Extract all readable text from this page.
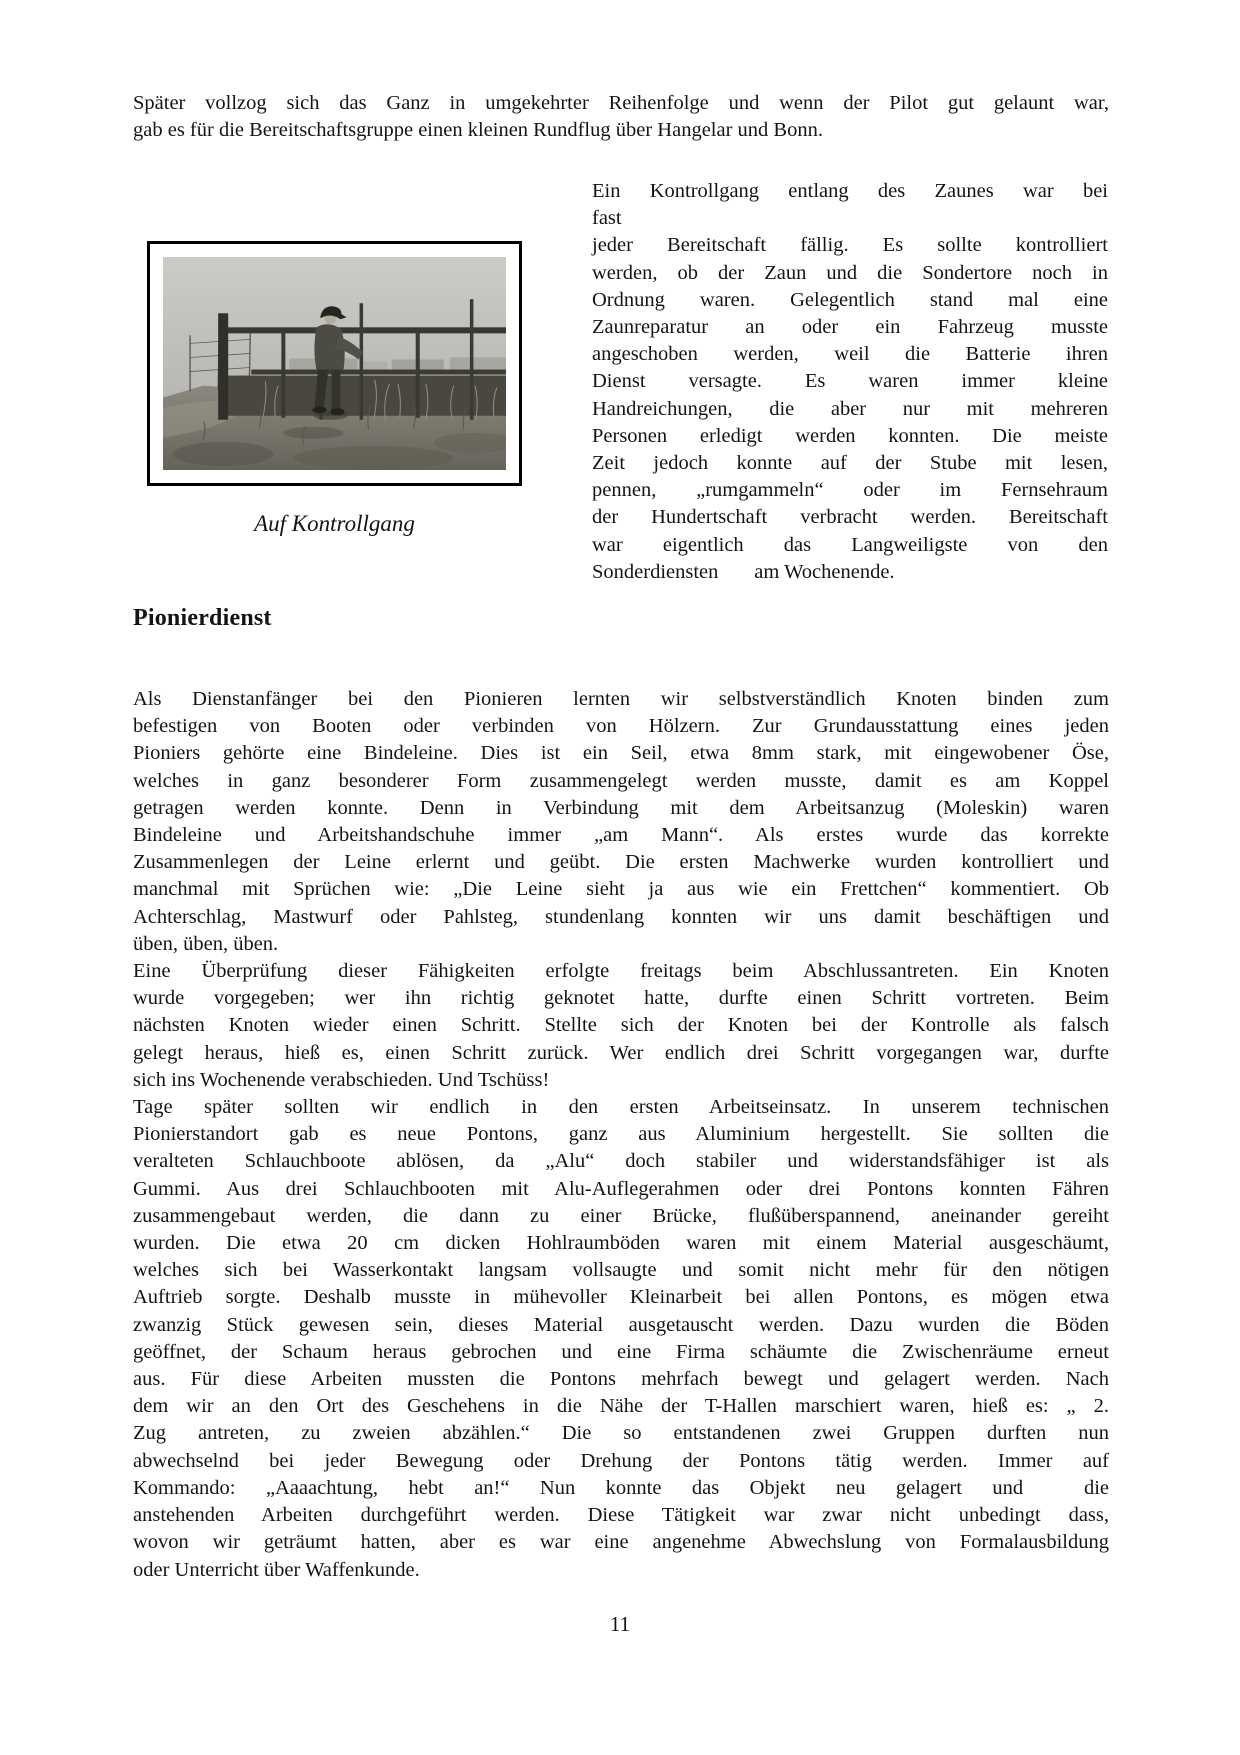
Später vollzog sich das Ganz in umgekehrter Reihenfolge und wenn der Pilot gut gelaunt war,
gab es für die Bereitschaftsgruppe einen kleinen Rundflug über Hangelar und Bonn.
Auf Kontrollgang
Ein Kontrollgang entlang des Zaunes war bei
fast
jeder Bereitschaft fällig. Es sollte kontrolliert
werden, ob der Zaun und die Sondertore noch in
Ordnung waren. Gelegentlich stand mal eine
Zaunreparatur an oder ein Fahrzeug musste
angeschoben werden, weil die Batterie ihren
Dienst versagte. Es waren immer kleine
Handreichungen, die aber nur mit mehreren
Personen erledigt werden konnten. Die meiste
Zeit jedoch konnte auf der Stube mit lesen,
pennen, „rumgammeln“ oder im Fernsehraum
der Hundertschaft verbracht werden. Bereitschaft
war eigentlich das Langweiligste von den
Sonderdiensten       am Wochenende.
Pionierdienst
Als Dienstanfänger bei den Pionieren lernten wir selbstverständlich Knoten binden zum
befestigen von Booten oder verbinden von Hölzern. Zur Grundausstattung eines jeden
Pioniers gehörte eine Bindeleine. Dies ist ein Seil, etwa 8mm stark, mit eingewobener Öse,
welches in ganz besonderer Form zusammengelegt werden musste, damit es am Koppel
getragen werden konnte. Denn in Verbindung mit dem Arbeitsanzug (Moleskin) waren
Bindeleine und Arbeitshandschuhe immer „am Mann“. Als erstes wurde das korrekte
Zusammenlegen der Leine erlernt und geübt. Die ersten Machwerke wurden kontrolliert und
manchmal mit Sprüchen wie: „Die Leine sieht ja aus wie ein Frettchen“ kommentiert. Ob
Achterschlag, Mastwurf oder Pahlsteg, stundenlang konnten wir uns damit beschäftigen und
üben, üben, üben.
Eine Überprüfung dieser Fähigkeiten erfolgte freitags beim Abschlussantreten. Ein Knoten
wurde vorgegeben; wer ihn richtig geknotet hatte, durfte einen Schritt vortreten. Beim
nächsten Knoten wieder einen Schritt. Stellte sich der Knoten bei der Kontrolle als falsch
gelegt heraus, hieß es, einen Schritt zurück. Wer endlich drei Schritt vorgegangen war, durfte
sich ins Wochenende verabschieden. Und Tschüss!
Tage später sollten wir endlich in den ersten Arbeitseinsatz. In unserem technischen
Pionierstandort gab es neue Pontons, ganz aus Aluminium hergestellt. Sie sollten die
veralteten Schlauchboote ablösen, da „Alu“ doch stabiler und widerstandsfähiger ist als
Gummi. Aus drei Schlauchbooten mit Alu-Auflegerahmen oder drei Pontons konnten Fähren
zusammengebaut werden, die dann zu einer Brücke, flußüberspannend, aneinander gereiht
wurden. Die etwa 20 cm dicken Hohlraumböden waren mit einem Material ausgeschäumt,
welches sich bei Wasserkontakt langsam vollsaugte und somit nicht mehr für den nötigen
Auftrieb sorgte. Deshalb musste in mühevoller Kleinarbeit bei allen Pontons, es mögen etwa
zwanzig Stück gewesen sein, dieses Material ausgetauscht werden. Dazu wurden die Böden
geöffnet, der Schaum heraus gebrochen und eine Firma schäumte die Zwischenräume erneut
aus. Für diese Arbeiten mussten die Pontons mehrfach bewegt und gelagert werden. Nach
dem wir an den Ort des Geschehens in die Nähe der T-Hallen marschiert waren, hieß es: „ 2.
Zug antreten, zu zweien abzählen.“ Die so entstandenen zwei Gruppen durften nun
abwechselnd bei jeder Bewegung oder Drehung der Pontons tätig werden. Immer auf
Kommando: „Aaaachtung, hebt an!“ Nun konnte das Objekt neu gelagert und  die
anstehenden Arbeiten durchgeführt werden. Diese Tätigkeit war zwar nicht unbedingt dass,
wovon wir geträumt hatten, aber es war eine angenehme Abwechslung von Formalausbildung
oder Unterricht über Waffenkunde.
11
